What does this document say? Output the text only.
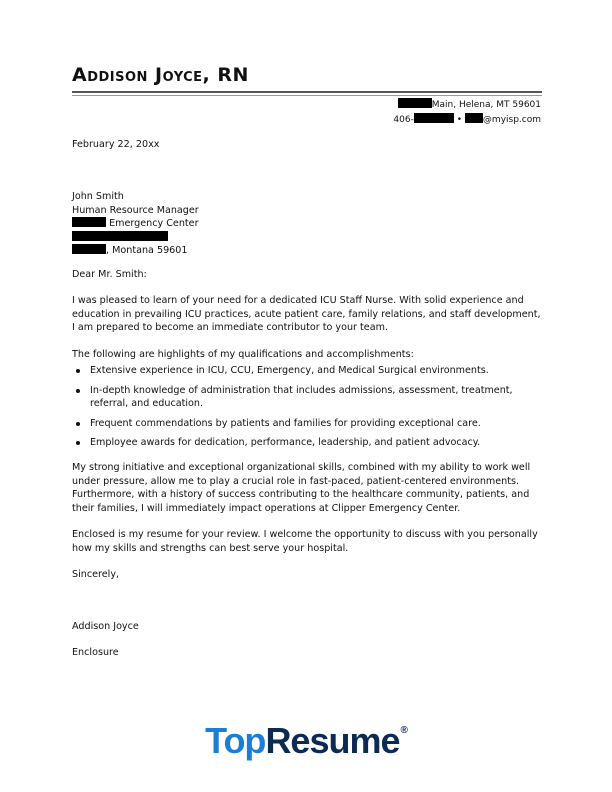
Addison Joyce, RN
Main, Helena, MT 59601
406-	• @myisp.com
February 22, 20xx
John Smith
Human Resource Manager
Emergency Center
, Montana 59601
Dear Mr. Smith:
I was pleased to learn of your need for a dedicated ICU Staff Nurse. With solid experience and education in prevailing ICU practices, acute patient care, family relations, and staff development, I am prepared to become an immediate contributor to your team.
The following are highlights of my qualifications and accomplishments:
Extensive experience in ICU, CCU, Emergency, and Medical Surgical environments.
In-depth knowledge of administration that includes admissions, assessment, treatment, referral, and education.
Frequent commendations by patients and families for providing exceptional care.
Employee awards for dedication, performance, leadership, and patient advocacy.
My strong initiative and exceptional organizational skills, combined with my ability to work well under pressure, allow me to play a crucial role in fast-paced, patient-centered environments. Furthermore, with a history of success contributing to the healthcare community, patients, and their families, I will immediately impact operations at Clipper Emergency Center.
Enclosed is my resume for your review. I welcome the opportunity to discuss with you personally how my skills and strengths can best serve your hospital.
Sincerely,
Addison Joyce
Enclosure
TopResume®
